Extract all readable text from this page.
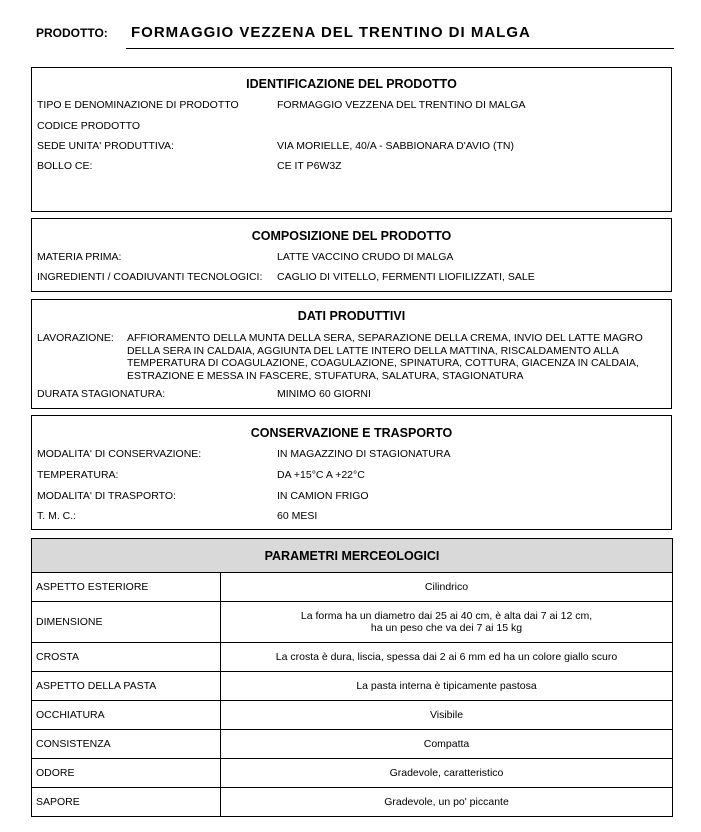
PRODOTTO: FORMAGGIO VEZZENA DEL TRENTINO DI MALGA
IDENTIFICAZIONE DEL PRODOTTO
TIPO E DENOMINAZIONE DI PRODOTTO	FORMAGGIO VEZZENA DEL TRENTINO DI MALGA
CODICE PRODOTTO
SEDE UNITA' PRODUTTIVA:	VIA MORIELLE, 40/A - SABBIONARA D'AVIO (TN)
BOLLO CE:	CE IT P6W3Z
COMPOSIZIONE DEL PRODOTTO
MATERIA PRIMA:	LATTE VACCINO CRUDO DI MALGA
INGREDIENTI / COADIUVANTI TECNOLOGICI: CAGLIO DI VITELLO, FERMENTI LIOFILIZZATI, SALE
DATI PRODUTTIVI
LAVORAZIONE: AFFIORAMENTO DELLA MUNTA DELLA SERA, SEPARAZIONE DELLA CREMA, INVIO DEL LATTE MAGRO
DELLA SERA IN CALDAIA, AGGIUNTA DEL LATTE INTERO DELLA MATTINA, RISCALDAMENTO ALLA
TEMPERATURA DI COAGULAZIONE, COAGULAZIONE, SPINATURA, COTTURA, GIACENZA IN CALDAIA,
ESTRAZIONE E MESSA IN FASCERE, STUFATURA, SALATURA, STAGIONATURA
DURATA STAGIONATURA:	MINIMO 60 GIORNI
CONSERVAZIONE E TRASPORTO
MODALITA' DI CONSERVAZIONE:	IN MAGAZZINO DI STAGIONATURA
TEMPERATURA:	DA +15°C A +22°C
MODALITA' DI TRASPORTO:	IN CAMION FRIGO
T. M. C.:	60 MESI
PARAMETRI MERCEOLOGICI	
ASPETTO ESTERIORE	Cilindrico
DIMENSIONE	La forma ha un diametro dai 25 ai 40 cm, è alta dai 7 ai 12 cm,
ha un peso che va dei 7 ai 15 kg

CROSTA	La crosta è dura, liscia, spessa dai 2 ai 6 mm ed ha un colore giallo scuro
ASPETTO DELLA PASTA	La pasta interna è tipicamente pastosa
OCCHIATURA	Visibile
CONSISTENZA	Compatta
ODORE	Gradevole, caratteristico
SAPORE	Gradevole, un po' piccante
